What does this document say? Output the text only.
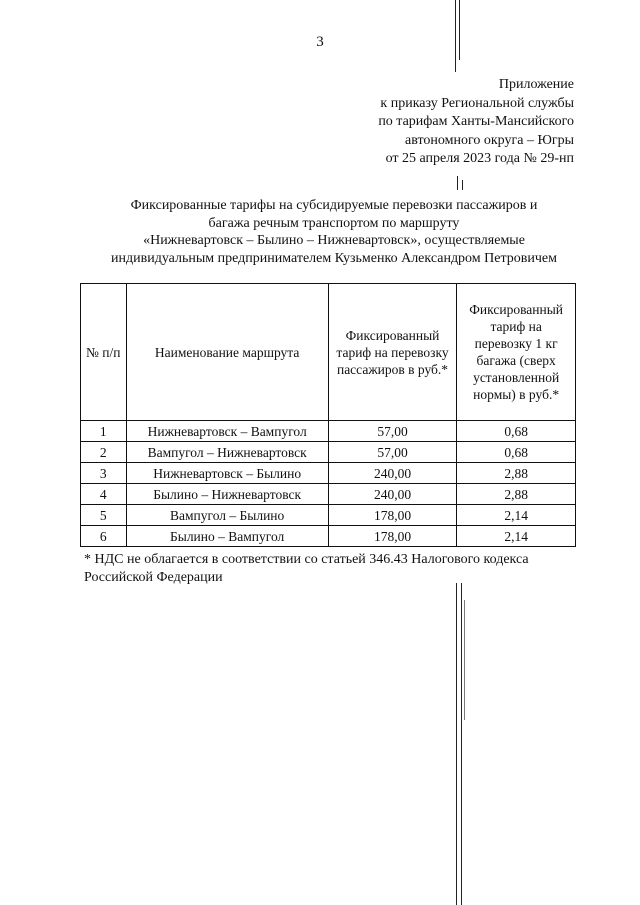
3
Приложение
к приказу Региональной службы
по тарифам Ханты-Мансийского
автономного округа – Югры
от 25 апреля 2023 года № 29-нп
Фиксированные тарифы на субсидируемые перевозки пассажиров и
багажа речным транспортом по маршруту
«Нижневартовск – Былино – Нижневартовск», осуществляемые
индивидуальным предпринимателем Кузьменко Александром Петровичем
№ п/п	Наименование маршрута	Фиксированный тариф на перевозку пассажиров в руб.*	Фиксированный тариф на перевозку 1 кг багажа (сверх установленной нормы) в руб.*
1	Нижневартовск – Вампугол	57,00	0,68
2	Вампугол – Нижневартовск	57,00	0,68
3	Нижневартовск – Былино	240,00	2,88
4	Былино – Нижневартовск	240,00	2,88
5	Вампугол – Былино	178,00	2,14
6	Былино – Вампугол	178,00	2,14
* НДС не облагается в соответствии со статьей 346.43 Налогового кодекса Российской Федерации
